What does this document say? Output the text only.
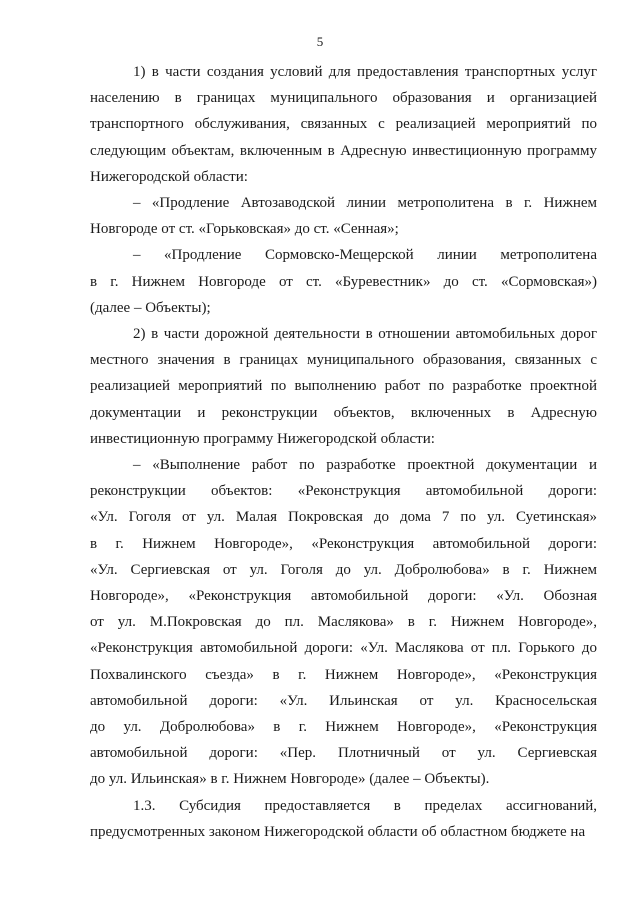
5
1) в части создания условий для предоставления транспортных услуг
населению в границах муниципального образования и организацией
транспортного обслуживания, связанных с реализацией мероприятий по
следующим объектам, включенным в Адресную инвестиционную программу
Нижегородской области:
– «Продление Автозаводской линии метрополитена в г. Нижнем
Новгороде от ст. «Горьковская» до ст. «Сенная»;
– «Продление Сормовско-Мещерской линии метрополитена
в г. Нижнем Новгороде от ст. «Буревестник» до ст. «Сормовская»)
(далее – Объекты);
2) в части дорожной деятельности в отношении автомобильных дорог
местного значения в границах муниципального образования, связанных с
реализацией мероприятий по выполнению работ по разработке проектной
документации и реконструкции объектов, включенных в Адресную
инвестиционную программу Нижегородской области:
– «Выполнение работ по разработке проектной документации и
реконструкции объектов: «Реконструкция автомобильной дороги:
«Ул. Гоголя от ул. Малая Покровская до дома 7 по ул. Суетинская»
в г. Нижнем Новгороде», «Реконструкция автомобильной дороги:
«Ул. Сергиевская от ул. Гоголя до ул. Добролюбова» в г. Нижнем
Новгороде», «Реконструкция автомобильной дороги: «Ул. Обозная
от ул. М.Покровская до пл. Маслякова» в г. Нижнем Новгороде»,
«Реконструкция автомобильной дороги: «Ул. Маслякова от пл. Горького до
Похвалинского съезда» в г. Нижнем Новгороде», «Реконструкция
автомобильной дороги: «Ул. Ильинская от ул. Красносельская
до ул. Добролюбова» в г. Нижнем Новгороде», «Реконструкция
автомобильной дороги: «Пер. Плотничный от ул. Сергиевская
до ул. Ильинская» в г. Нижнем Новгороде» (далее – Объекты).
1.3. Субсидия предоставляется в пределах ассигнований,
предусмотренных законом Нижегородской области об областном бюджете на
